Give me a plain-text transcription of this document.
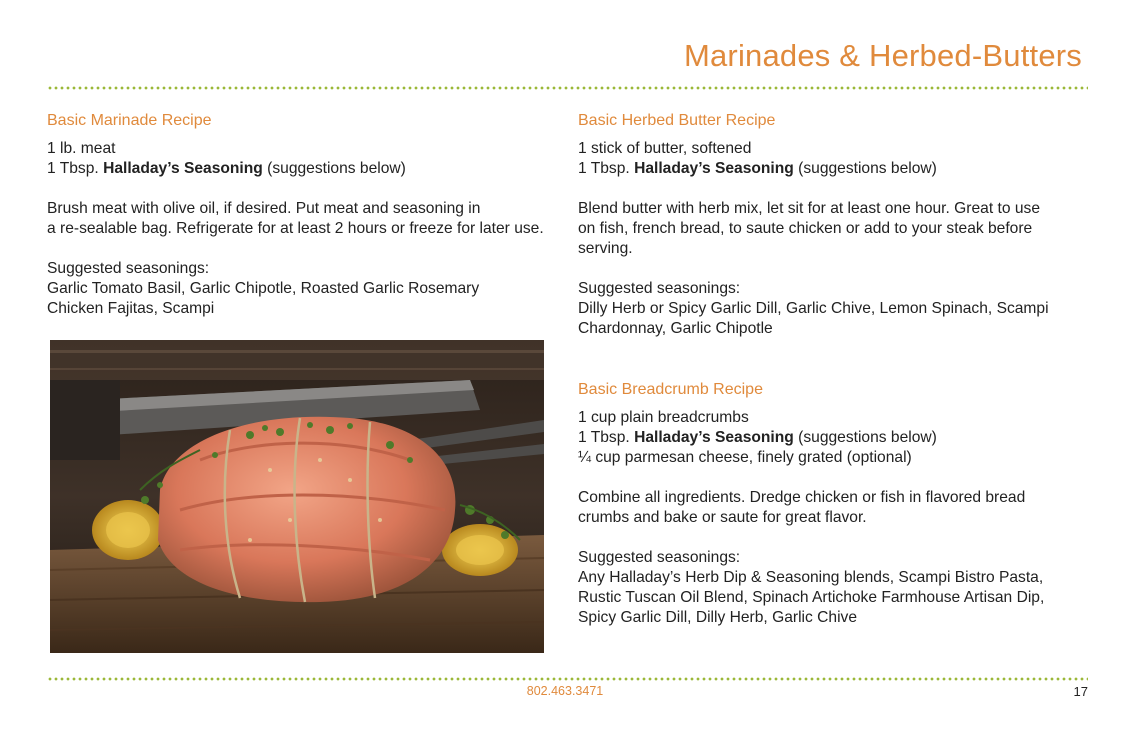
Marinades & Herbed-Butters
Basic Marinade Recipe
1 lb. meat
1 Tbsp. Halladay’s Seasoning (suggestions below)
Brush meat with olive oil, if desired. Put meat and seasoning in
a re-sealable bag. Refrigerate for at least 2 hours or freeze for later use.
Suggested seasonings:
Garlic Tomato Basil, Garlic Chipotle, Roasted Garlic Rosemary
Chicken Fajitas, Scampi
Basic Herbed Butter Recipe
1 stick of butter, softened
1 Tbsp. Halladay’s Seasoning (suggestions below)
Blend butter with herb mix, let sit for at least one hour. Great to use
on fish, french bread, to saute chicken or add to your steak before
serving.
Suggested seasonings:
Dilly Herb or Spicy Garlic Dill, Garlic Chive, Lemon Spinach, Scampi
Chardonnay, Garlic Chipotle
Basic Breadcrumb Recipe
1 cup plain breadcrumbs
1 Tbsp. Halladay’s Seasoning (suggestions below)
¼ cup parmesan cheese, finely grated (optional)
Combine all ingredients. Dredge chicken or fish in flavored bread
crumbs and bake or saute for great flavor.
Suggested seasonings:
Any Halladay’s Herb Dip & Seasoning blends, Scampi Bistro Pasta,
Rustic Tuscan Oil Blend, Spinach Artichoke Farmhouse Artisan Dip,
Spicy Garlic Dill, Dilly Herb, Garlic Chive
802.463.3471	17
